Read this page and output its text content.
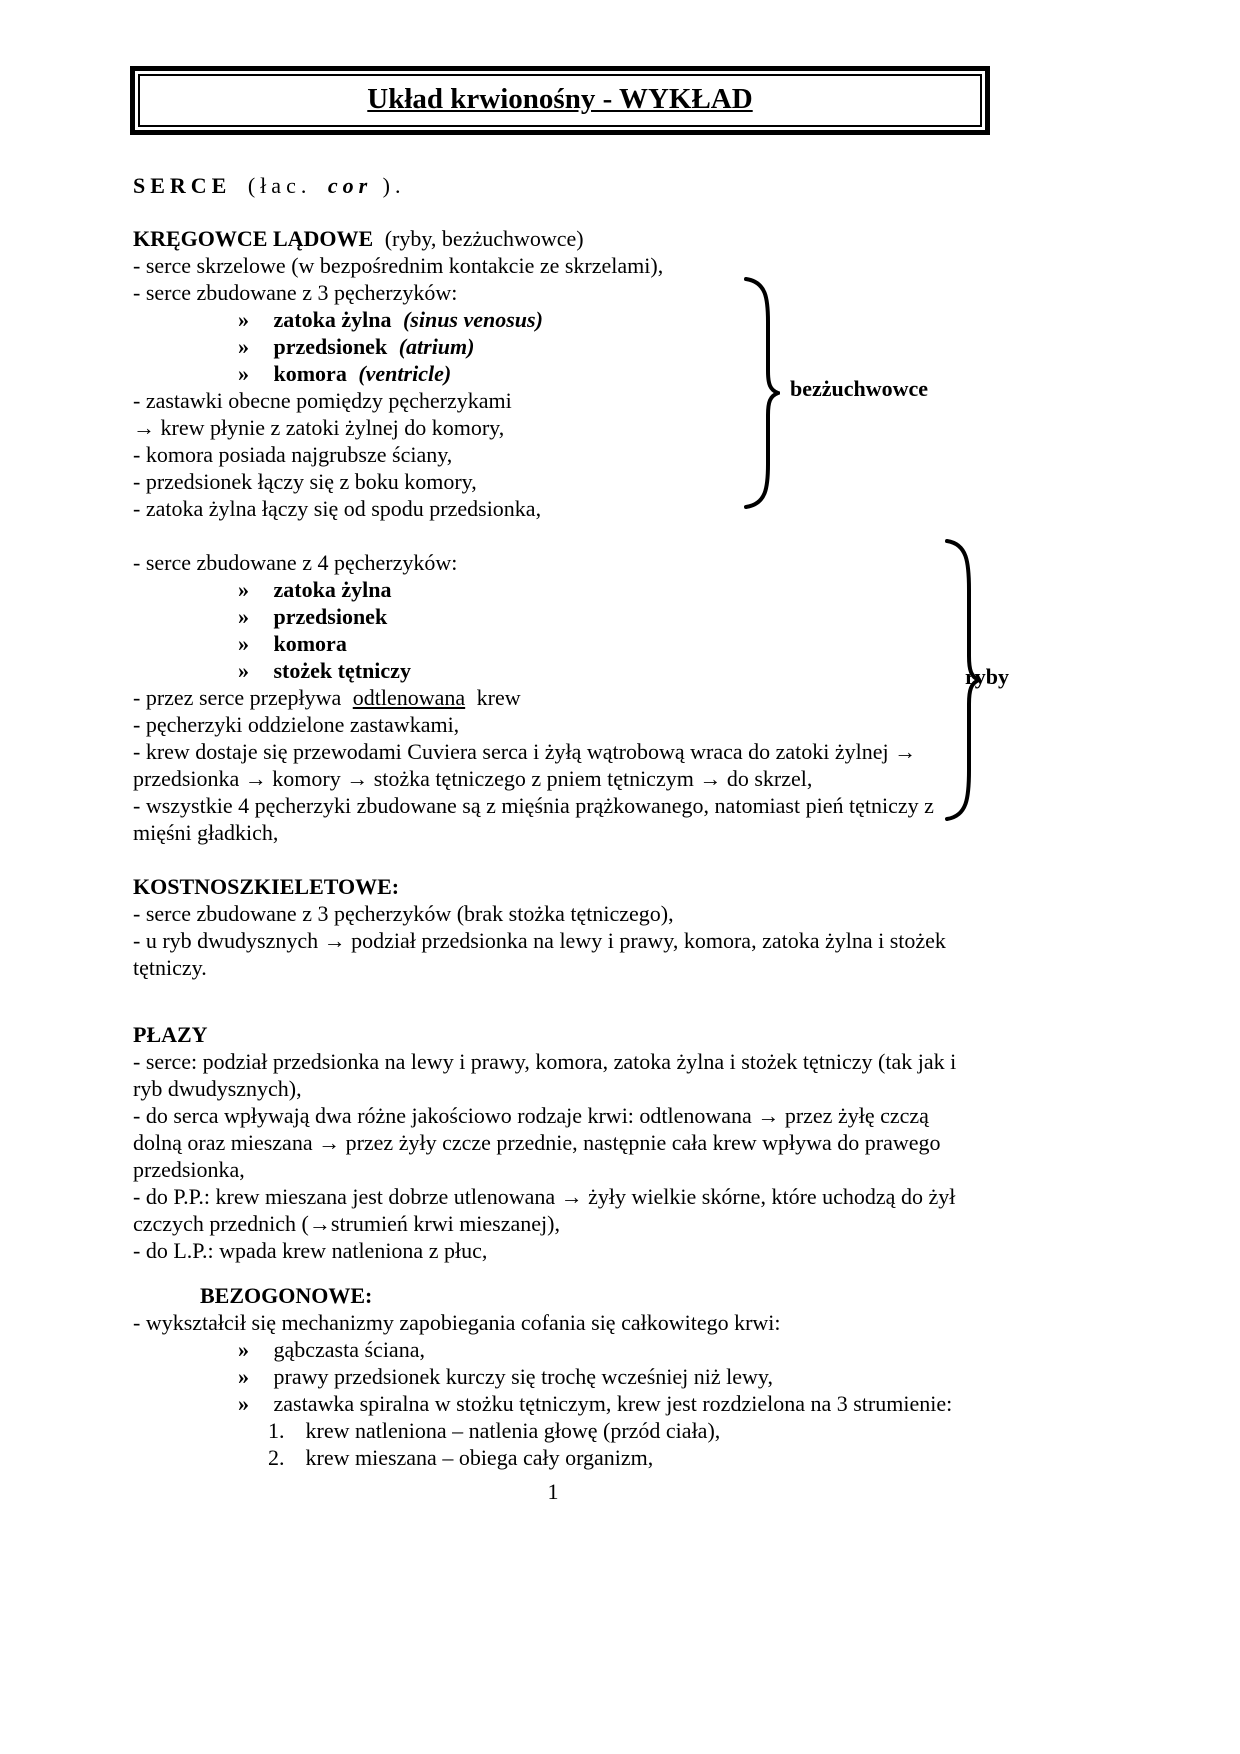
Układ krwionośny - WYKŁAD
SERCE (łac. cor ).
KRĘGOWCE LĄDOWE (ryby, bezżuchwowce)
- serce skrzelowe (w bezpośrednim kontakcie ze skrzelami),
- serce zbudowane z 3 pęcherzyków:
» zatoka żylna (sinus venosus)
» przedsionek (atrium)
» komora (ventricle)
- zastawki obecne pomiędzy pęcherzykami
→ krew płynie z zatoki żylnej do komory,
- komora posiada najgrubsze ściany,
- przedsionek łączy się z boku komory,
- zatoka żylna łączy się od spodu przedsionka,
- serce zbudowane z 4 pęcherzyków:
» zatoka żylna
» przedsionek
» komora
» stożek tętniczy
- przez serce przepływa odtlenowana krew
- pęcherzyki oddzielone zastawkami,
- krew dostaje się przewodami Cuviera serca i żyłą wątrobową wraca do zatoki żylnej →
przedsionka → komory → stożka tętniczego z pniem tętniczym → do skrzel,
- wszystkie 4 pęcherzyki zbudowane są z mięśnia prążkowanego, natomiast pień tętniczy z
mięśni gładkich,
KOSTNOSZKIELETOWE:
- serce zbudowane z 3 pęcherzyków (brak stożka tętniczego),
- u ryb dwudysznych → podział przedsionka na lewy i prawy, komora, zatoka żylna i stożek
tętniczy.
PŁAZY
- serce: podział przedsionka na lewy i prawy, komora, zatoka żylna i stożek tętniczy (tak jak i
ryb dwudysznych),
- do serca wpływają dwa różne jakościowo rodzaje krwi: odtlenowana → przez żyłę czczą
dolną oraz mieszana → przez żyły czcze przednie, następnie cała krew wpływa do prawego
przedsionka,
- do P.P.: krew mieszana jest dobrze utlenowana → żyły wielkie skórne, które uchodzą do żył
czczych przednich (→strumień krwi mieszanej),
- do L.P.: wpada krew natleniona z płuc,
BEZOGONOWE:
- wykształcił się mechanizmy zapobiegania cofania się całkowitego krwi:
» gąbczasta ściana,
» prawy przedsionek kurczy się trochę wcześniej niż lewy,
» zastawka spiralna w stożku tętniczym, krew jest rozdzielona na 3 strumienie:
1. krew natleniona – natlenia głowę (przód ciała),
2. krew mieszana – obiega cały organizm,
bezżuchwowce
ryby
1
